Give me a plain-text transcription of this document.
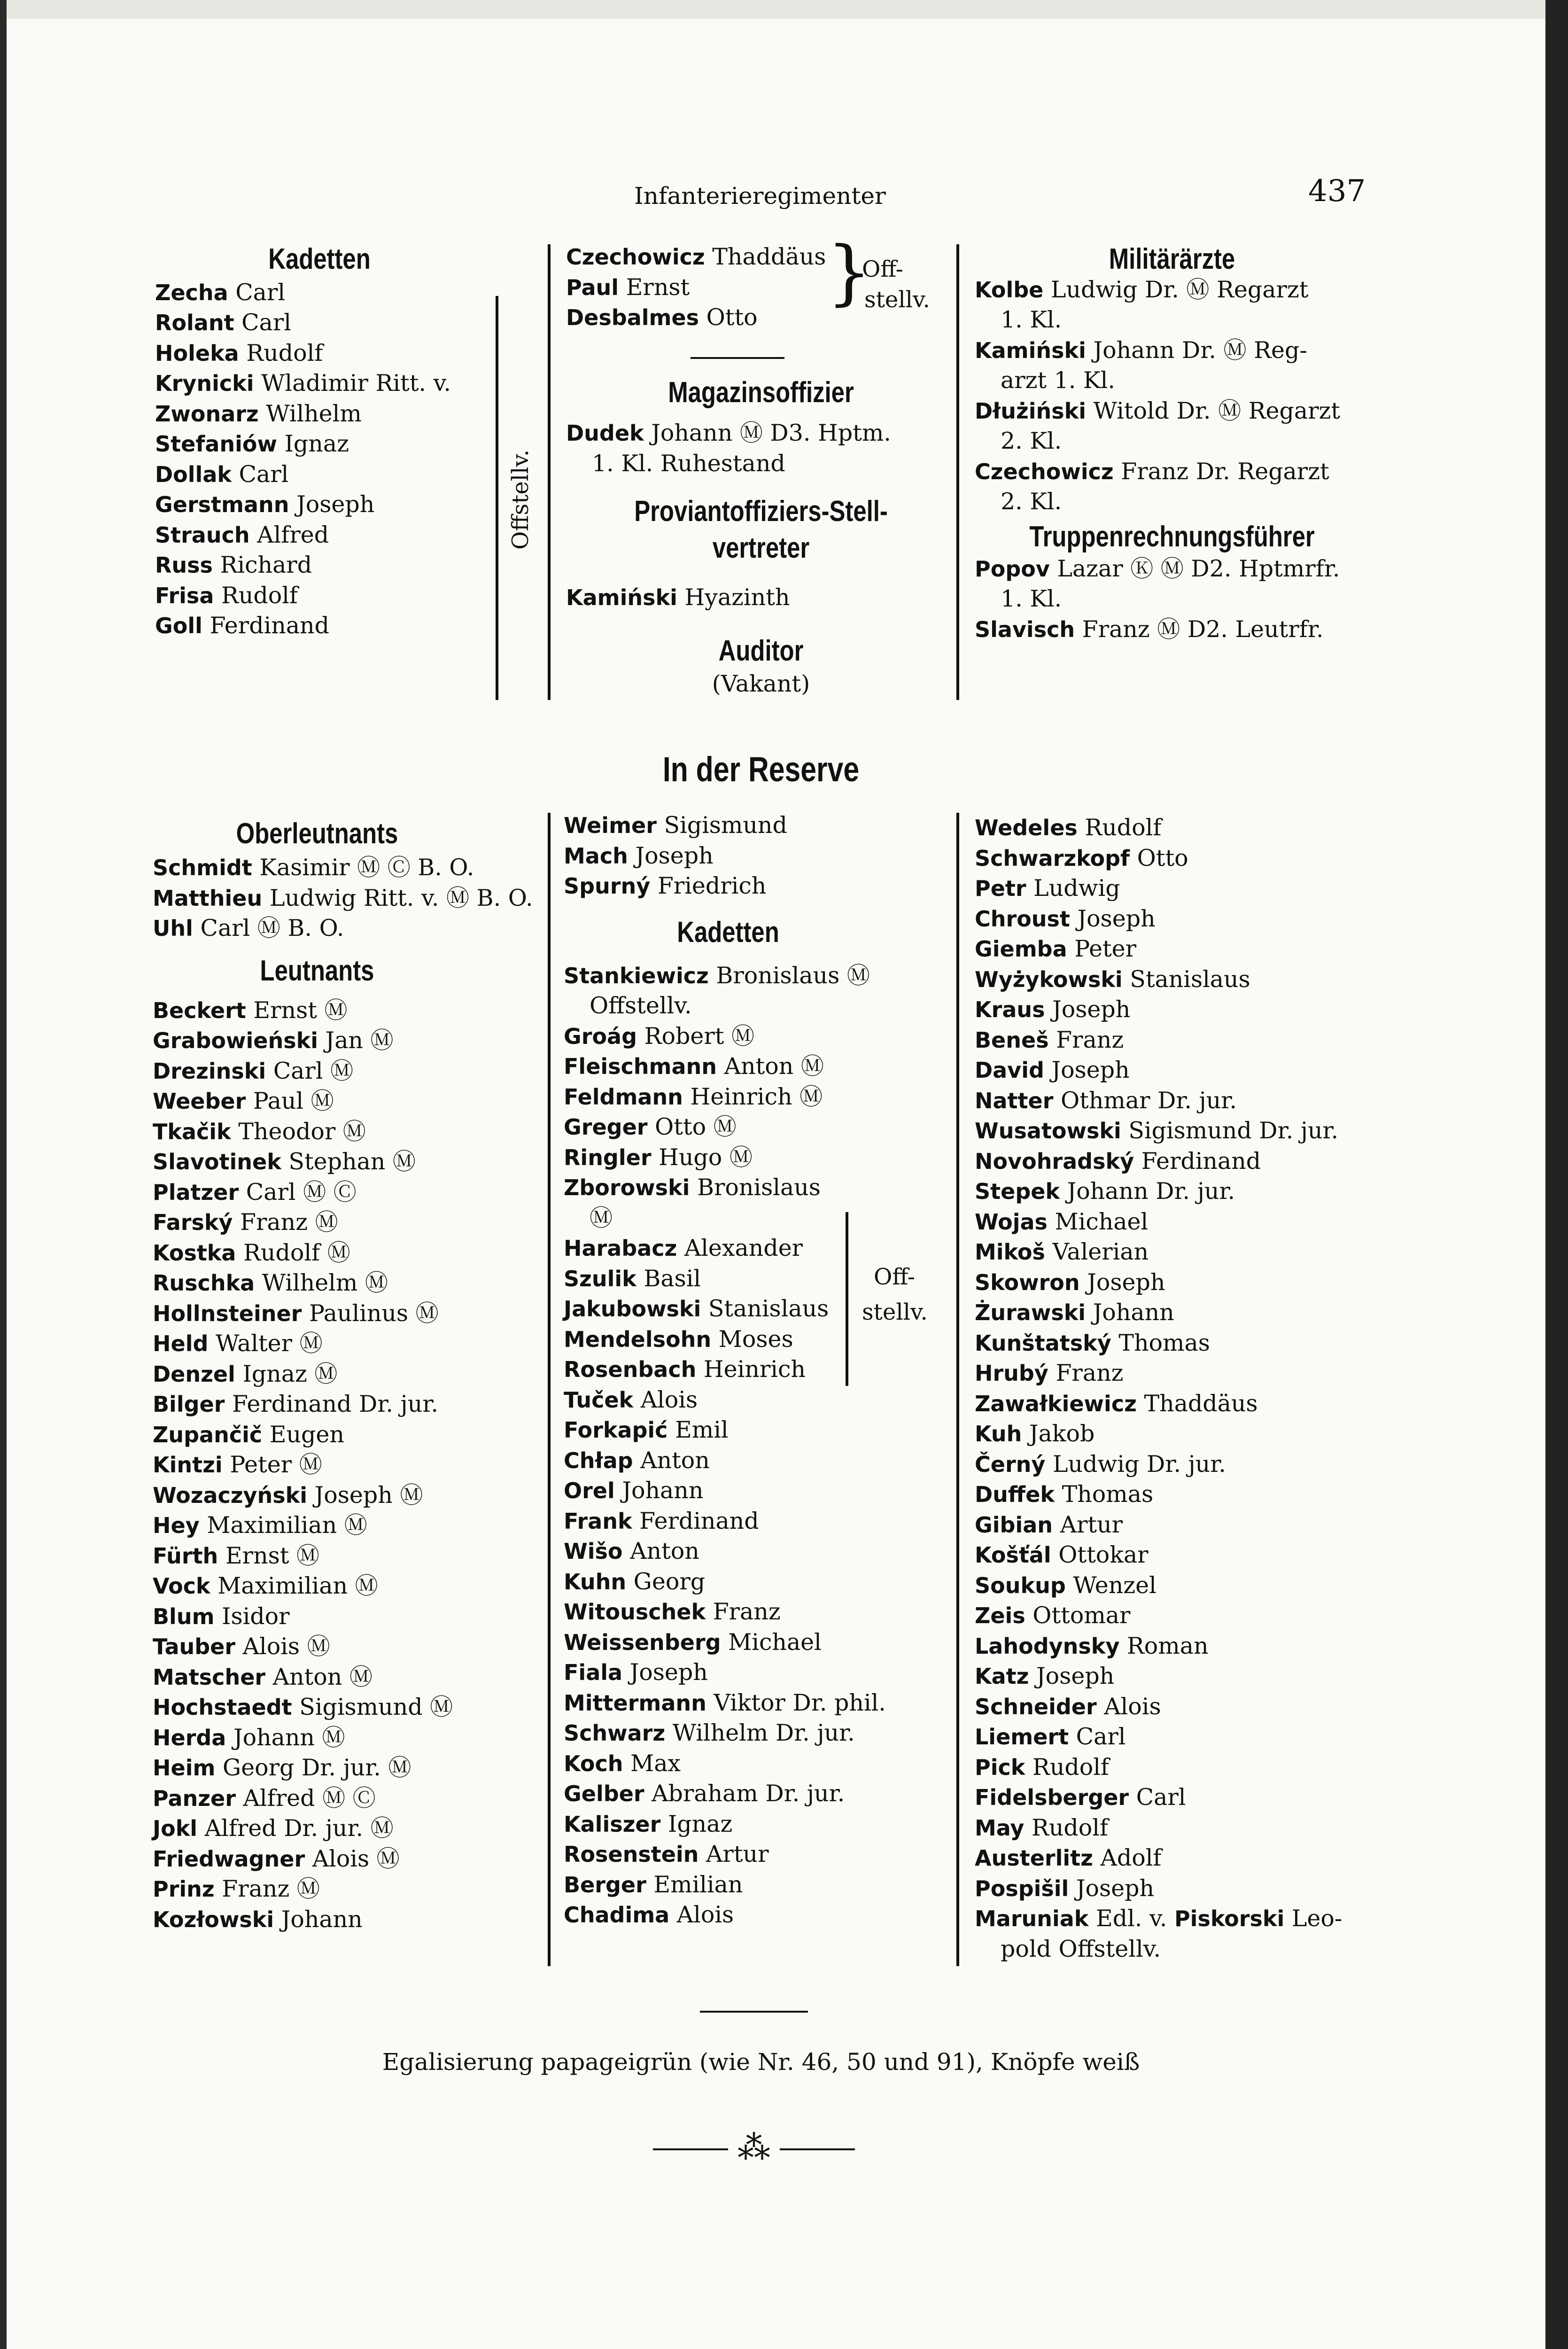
Infanterieregimenter	437
Kadetten
Zecha Carl
Rolant Carl
Holeka Rudolf
Krynicki Wladimir Ritt. v.
Zwonarz Wilhelm
Stefaniów Ignaz
Dollak Carl
Gerstmann Joseph
Strauch Alfred
Russ Richard
Frisa Rudolf
Goll Ferdinand
Offstellv.
Czechowicz Thaddäus
Paul Ernst
Desbalmes Otto
}
Off-
stellv.
Magazinsoffizier
Dudek Johann Ⓜ D3. Hptm.
1. Kl. Ruhestand
Proviantoffiziers-Stell-
vertreter
Kamiński Hyazinth
Auditor
(Vakant)
Militärärzte
Kolbe Ludwig Dr. Ⓜ Regarzt
1. Kl.
Kamiński Johann Dr. Ⓜ Reg-
arzt 1. Kl.
Dłużiński Witold Dr. Ⓜ Regarzt
2. Kl.
Czechowicz Franz Dr. Regarzt
2. Kl.
Truppenrechnungsführer
Popov Lazar Ⓚ Ⓜ D2. Hptmrfr.
1. Kl.
Slavisch Franz Ⓜ D2. Leutrfr.
In der Reserve
Oberleutnants
Schmidt Kasimir Ⓜ Ⓒ B. O.
Matthieu Ludwig Ritt. v. Ⓜ B. O.
Uhl Carl Ⓜ B. O.
Leutnants
Beckert Ernst Ⓜ
Grabowieński Jan Ⓜ
Drezinski Carl Ⓜ
Weeber Paul Ⓜ
Tkačik Theodor Ⓜ
Slavotinek Stephan Ⓜ
Platzer Carl Ⓜ Ⓒ
Farský Franz Ⓜ
Kostka Rudolf Ⓜ
Ruschka Wilhelm Ⓜ
Hollnsteiner Paulinus Ⓜ
Held Walter Ⓜ
Denzel Ignaz Ⓜ
Bilger Ferdinand Dr. jur.
Zupančič Eugen
Kintzi Peter Ⓜ
Wozaczyński Joseph Ⓜ
Hey Maximilian Ⓜ
Fürth Ernst Ⓜ
Vock Maximilian Ⓜ
Blum Isidor
Tauber Alois Ⓜ
Matscher Anton Ⓜ
Hochstaedt Sigismund Ⓜ
Herda Johann Ⓜ
Heim Georg Dr. jur. Ⓜ
Panzer Alfred Ⓜ Ⓒ
Jokl Alfred Dr. jur. Ⓜ
Friedwagner Alois Ⓜ
Prinz Franz Ⓜ
Kozłowski Johann
Weimer Sigismund
Mach Joseph
Spurný Friedrich
Kadetten
Stankiewicz Bronislaus Ⓜ
Offstellv.
Groág Robert Ⓜ
Fleischmann Anton Ⓜ
Feldmann Heinrich Ⓜ
Greger Otto Ⓜ
Ringler Hugo Ⓜ
Zborowski Bronislaus
Ⓜ
Harabacz Alexander
Szulik Basil
Jakubowski Stanislaus
Mendelsohn Moses
Rosenbach Heinrich
Tuček Alois
Forkapić Emil
Chłap Anton
Orel Johann
Frank Ferdinand
Wišo Anton
Kuhn Georg
Witouschek Franz
Weissenberg Michael
Fiala Joseph
Mittermann Viktor Dr. phil.
Schwarz Wilhelm Dr. jur.
Koch Max
Gelber Abraham Dr. jur.
Kaliszer Ignaz
Rosenstein Artur
Berger Emilian
Chadima Alois
Off-
stellv.
Wedeles Rudolf
Schwarzkopf Otto
Petr Ludwig
Chroust Joseph
Giemba Peter
Wyżykowski Stanislaus
Kraus Joseph
Beneš Franz
David Joseph
Natter Othmar Dr. jur.
Wusatowski Sigismund Dr. jur.
Novohradský Ferdinand
Stepek Johann Dr. jur.
Wojas Michael
Mikoš Valerian
Skowron Joseph
Żurawski Johann
Kunštatský Thomas
Hrubý Franz
Zawałkiewicz Thaddäus
Kuh Jakob
Černý Ludwig Dr. jur.
Duffek Thomas
Gibian Artur
Košťál Ottokar
Soukup Wenzel
Zeis Ottomar
Lahodynsky Roman
Katz Joseph
Schneider Alois
Liemert Carl
Pick Rudolf
Fidelsberger Carl
May Rudolf
Austerlitz Adolf
Pospišil Joseph
Maruniak Edl. v. Piskorski Leo-
pold Offstellv.
Egalisierung papageigrün (wie Nr. 46, 50 und 91), Knöpfe weiß
⁂
